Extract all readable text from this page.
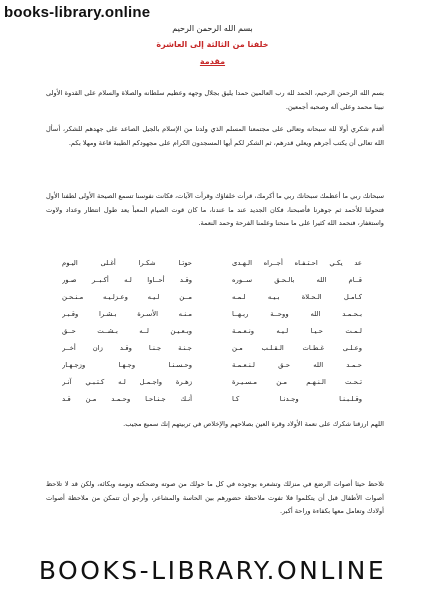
books-library.online
بسم الله الرحمن الرحيم
خلفنا من الثالثة إلى العاشرة
مقدمة
بسم الله الرحمن الرحيم، الحمد لله رب العالمين حمدا يليق بجلال وجهه وعظيم سلطانه والصلاة والسلام على القدوة الأولى نبينا محمد وعلى آله وصحبه أجمعين.
أقدم شكري أولا لله سبحانه وتعالى على مجتمعنا المسلم الذي ولدنا من الإسلام بالجيل الصاعد على جهدهم للشكر، أسأل الله تعالى أن يكتب أجرهم ويعلي قدرهم، ثم الشكر لكم أيها المسجدون الكرام على مجهودكم الطيبة قاعة ومهلا بكم.
سبحانك ربي ما أعظمك سبحانك ربي ما أكرمك، قرأت خلفاؤك وقرأت الآيات، فكانت نفوسنا تسمع الصيحة الأولى لطفنا الأول فتحولنا للأحمد ثم جوهرنا فأصبحنا، فكان الجديد عند ما عندنا، ما كان قوت الصيام المعبأ يعد طول انتظار وعداد ولاوت واستغفار، فنحمد الله كثيرا على ما منحنا وعلمنا الفرحة وحمد النعمة.
عد يكـي احـتـفـاه أجــراه الـهـدى
حوتـا شكـرا أغـلى اليـوم
قــام الله بالـحـق ســوره
وقـد أحــاوا لـه أكـبــر صـور
كـامـل الـحـلاة بـيـه لـمـه
مــن لـيـه وعـزلـيـه مـنـحـن
بـحـمـد الله ووحــة ربـهــا
مـنـه الأسـرة بـشـرا وقـبـر
لـمـت حـيـا لـيـه ونـعـمـة
وبـعـيـن لــه بـشــت حــق
وعـلـى غـطـات الـقـلـب مـن
جـنـة جـنـا وقـد زان أخــر
حـمـد الله حـق لـنـعـمـة
وحـسـنـا وجـهـا وزجـهـار
تـحـت الـنـهـم مـن مـسـيـرة
زهـرة واجـمـل لـه كـتـبـي آنـر
وقـلـبـنـا وجـدنـا كـا
أنـك جـنـاحـا وحـمـد مـن قـد
اللهم ارزقنا شكرك على نعمة الأولاد وقرة العين بصلاحهم والإخلاص في تربيتهم إنك سميع مجيب.
تلاحظ حيثا أصوات الرضع في منزلك وتشعره بوجوده في كل ما حولك من صوته وضحكته ونومه وبكائه، ولكن قد لا تلاحظ أصوات الأطفال قبل أن يتكلموا فلا تفوت ملاحظة حضورهم بين الحاسة والمشاعر، وأرجو أن تتمكن من ملاحظة أصوات أولادك وتعامل معها بكفاءة وراحة أكبر.
BOOKS-LIBRARY.ONLINE
